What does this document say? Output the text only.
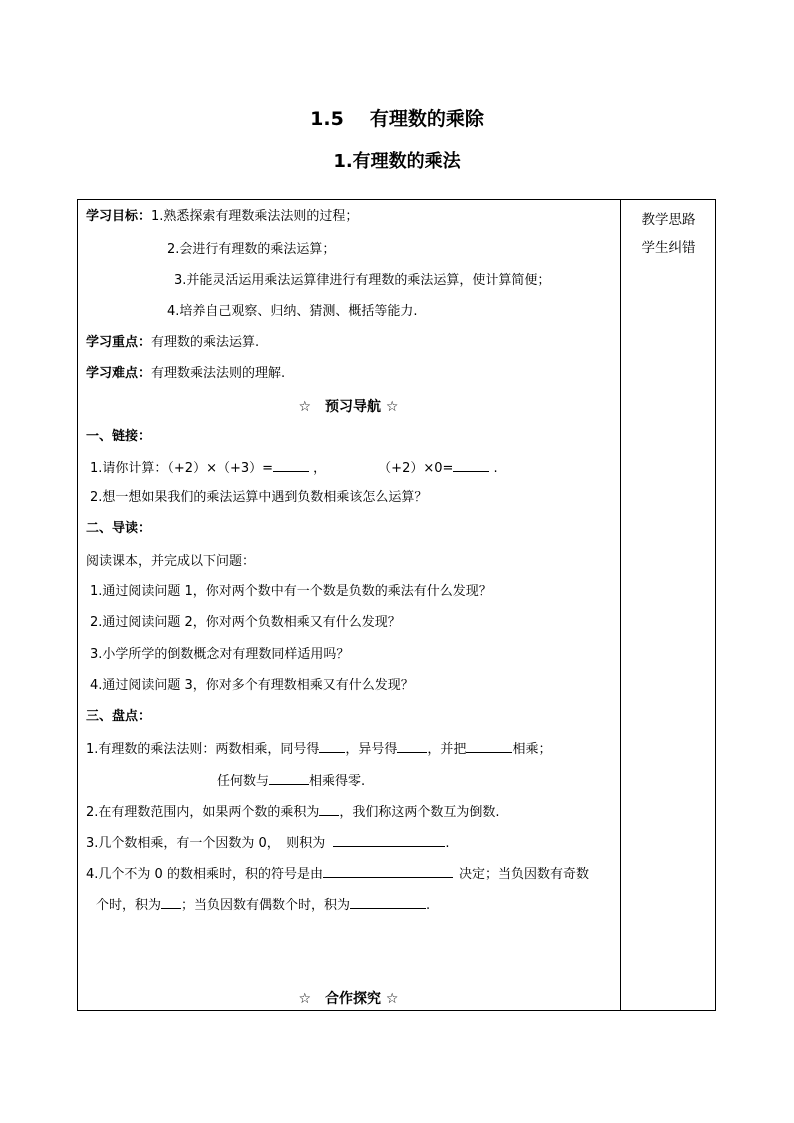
1.5 有理数的乘除
1.有理数的乘法
教学思路
学生纠错
学习目标：1.熟悉探索有理数乘法法则的过程；
2.会进行有理数的乘法运算；
3.并能灵活运用乘法运算律进行有理数的乘法运算，使计算简便；
4.培养自己观察、归纳、猜测、概括等能力.
学习重点：有理数的乘法运算.
学习难点：有理数乘法法则的理解.
☆　预习导航 ☆
一、链接：
1.请你计算：（+2）×（+3）=	，	（+2）×0=	.
2.想一想如果我们的乘法运算中遇到负数相乘该怎么运算？
二、导读：
阅读课本，并完成以下问题：
1.通过阅读问题 1，你对两个数中有一个数是负数的乘法有什么发现？
2.通过阅读问题 2，你对两个负数相乘又有什么发现？
3.小学所学的倒数概念对有理数同样适用吗？
4.通过阅读问题 3，你对多个有理数相乘又有什么发现？
三、盘点：
1.有理数的乘法法则：两数相乘，同号得 ，异号得 ，并把	相乘；
任何数与	相乘得零.
2.在有理数范围内，如果两个数的乘积为 ，我们称这两个数互为倒数.
3.几个数相乘，有一个因数为 0，　则积为	.
4.几个不为 0 的数相乘时，积的符号是由	决定；当负因数有奇数
个时，积为 ；当负因数有偶数个时，积为	.
☆　合作探究 ☆
